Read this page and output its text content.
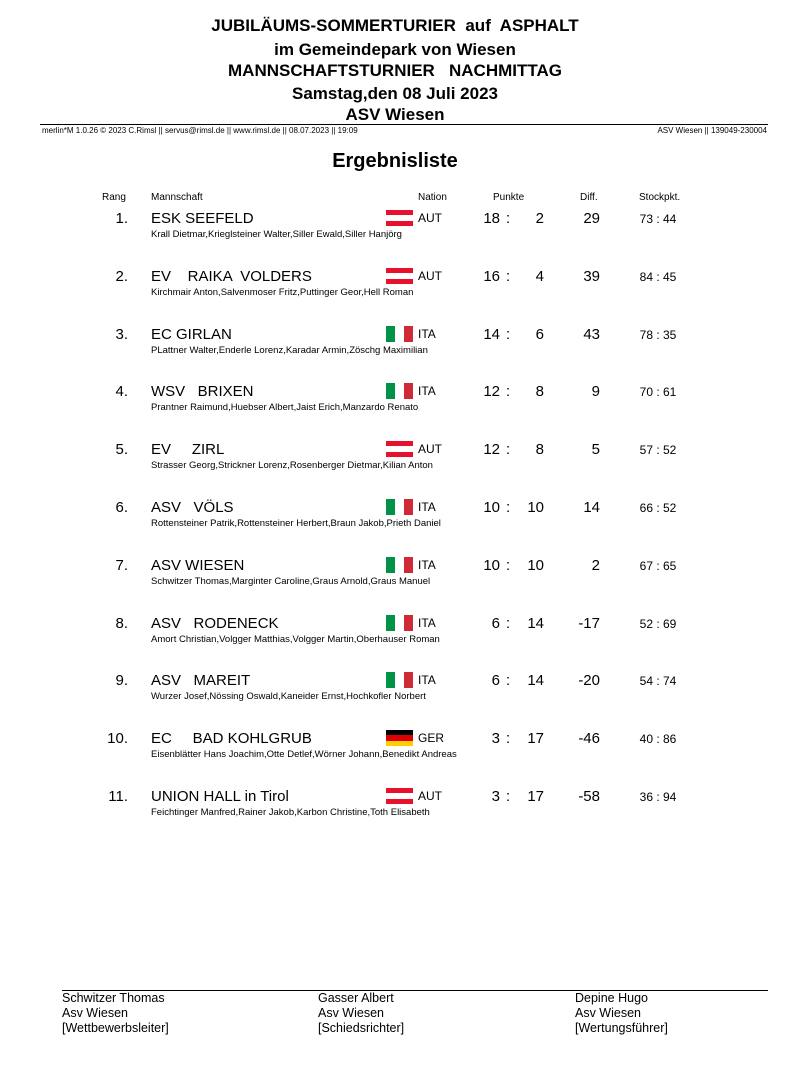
JUBILÄUMS-SOMMERTURIER  auf  ASPHALT
im Gemeindepark von Wiesen
MANNSCHAFTSTURNIER   NACHMITTAG
Samstag,den 08 Juli 2023
ASV Wiesen
merlin*M 1.0.26 © 2023 C.Rimsl || servus@rimsl.de || www.rimsl.de || 08.07.2023 || 19:09	ASV Wiesen || 139049-230004
Ergebnisliste
Rang	Mannschaft	Nation	Punkte	Diff.	Stockpkt.
1. ESK SEEFELD
Krall Dietmar,Krieglsteiner Walter,Siller Ewald,Siller Hanjörg
AUT	18 :	2	29	73 : 44
2. EV    RAIKA  VOLDERS
Kirchmair Anton,Salvenmoser Fritz,Puttinger Geor,Hell Roman
AUT	16 :	4	39	84 : 45
3. EC GIRLAN
PLattner Walter,Enderle Lorenz,Karadar Armin,Zöschg Maximilian
ITA	14 :	6	43	78 : 35
4. WSV   BRIXEN
Prantner Raimund,Huebser Albert,Jaist Erich,Manzardo Renato
ITA	12 :	8	9	70 : 61
5. EV     ZIRL
Strasser Georg,Strickner Lorenz,Rosenberger Dietmar,Kilian Anton
AUT	12 :	8	5	57 : 52
6. ASV   VÖLS
Rottensteiner Patrik,Rottensteiner Herbert,Braun Jakob,Prieth Daniel
ITA	10 :	10	14	66 : 52
7. ASV WIESEN
Schwitzer Thomas,Marginter Caroline,Graus Arnold,Graus Manuel
ITA	10 :	10	2	67 : 65
8. ASV   RODENECK
Amort Christian,Volgger Matthias,Volgger Martin,Oberhauser Roman
ITA	6 :	14	-17	52 : 69
9. ASV   MAREIT
Wurzer Josef,Nössing Oswald,Kaneider Ernst,Hochkofler Norbert
ITA	6 :	14	-20	54 : 74
10. EC     BAD KOHLGRUB
Eisenblätter Hans Joachim,Otte Detlef,Wörner Johann,Benedikt Andreas
GER	3 :	17	-46	40 : 86
11. UNION HALL in Tirol
Feichtinger Manfred,Rainer Jakob,Karbon Christine,Toth Elisabeth
AUT	3 :	17	-58	36 : 94
Schwitzer Thomas
Asv Wiesen
[Wettbewerbsleiter]
Gasser Albert
Asv Wiesen
[Schiedsrichter]
Depine Hugo
Asv Wiesen
[Wertungsführer]
